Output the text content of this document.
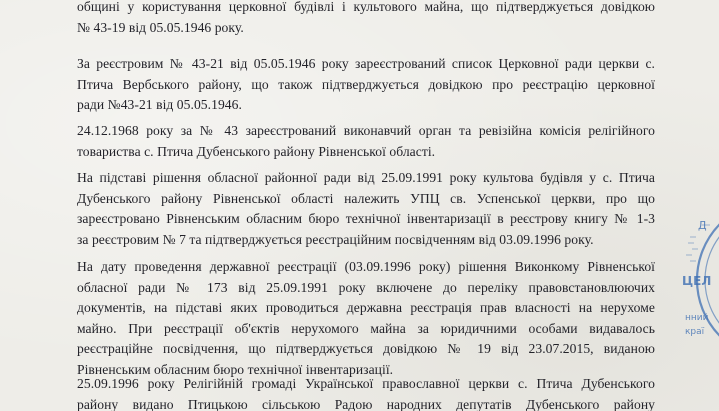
общині у користування церковної будівлі і культового майна, що підтверджується довідкою
№ 43-19 від 05.05.1946 року.

За реєстровим № 43-21 від 05.05.1946 року зареєстрований список Церковної ради церкви с.
Птича Вербського району, що також підтверджується довідкою про реєстрацію церковної
ради №43-21 від 05.05.1946.

24.12.1968 року за № 43 зареєстрований виконавчий орган та ревізійна комісія релігійного
товариства с. Птича Дубенського району Рівненської області.

На підставі рішення обласної районної ради від 25.09.1991 року культова будівля у с. Птича
Дубенського району Рівненської області належить УПЦ св. Успенської церкви, про що
зареєстровано Рівненським обласним бюро технічної інвентаризації в реєстрову книгу № 1-3
за реєстровим № 7 та підтверджується реєстраційним посвідченням від 03.09.1996 року.

На дату проведення державної реєстрації (03.09.1996 року) рішення Виконкому Рівненської
обласної ради № 173 від 25.09.1991 року включене до переліку правовстановлюючих
документів, на підставі яких проводиться державна реєстрація прав власності на нерухоме
майно. При реєстрації об'єктів нерухомого майна за юридичними особами видавалось
реєстраційне посвідчення, що підтверджується довідкою № 19 від 23.07.2015, виданою
Рівненським обласним бюро технічної інвентаризації.

25.09.1996 року Релігійній громаді Української православної церкви с. Птича Дубенського
району видано Птицькою сільською Радою народних депутатів Дубенського району

Д
ЦЕЛ
нний
краї
